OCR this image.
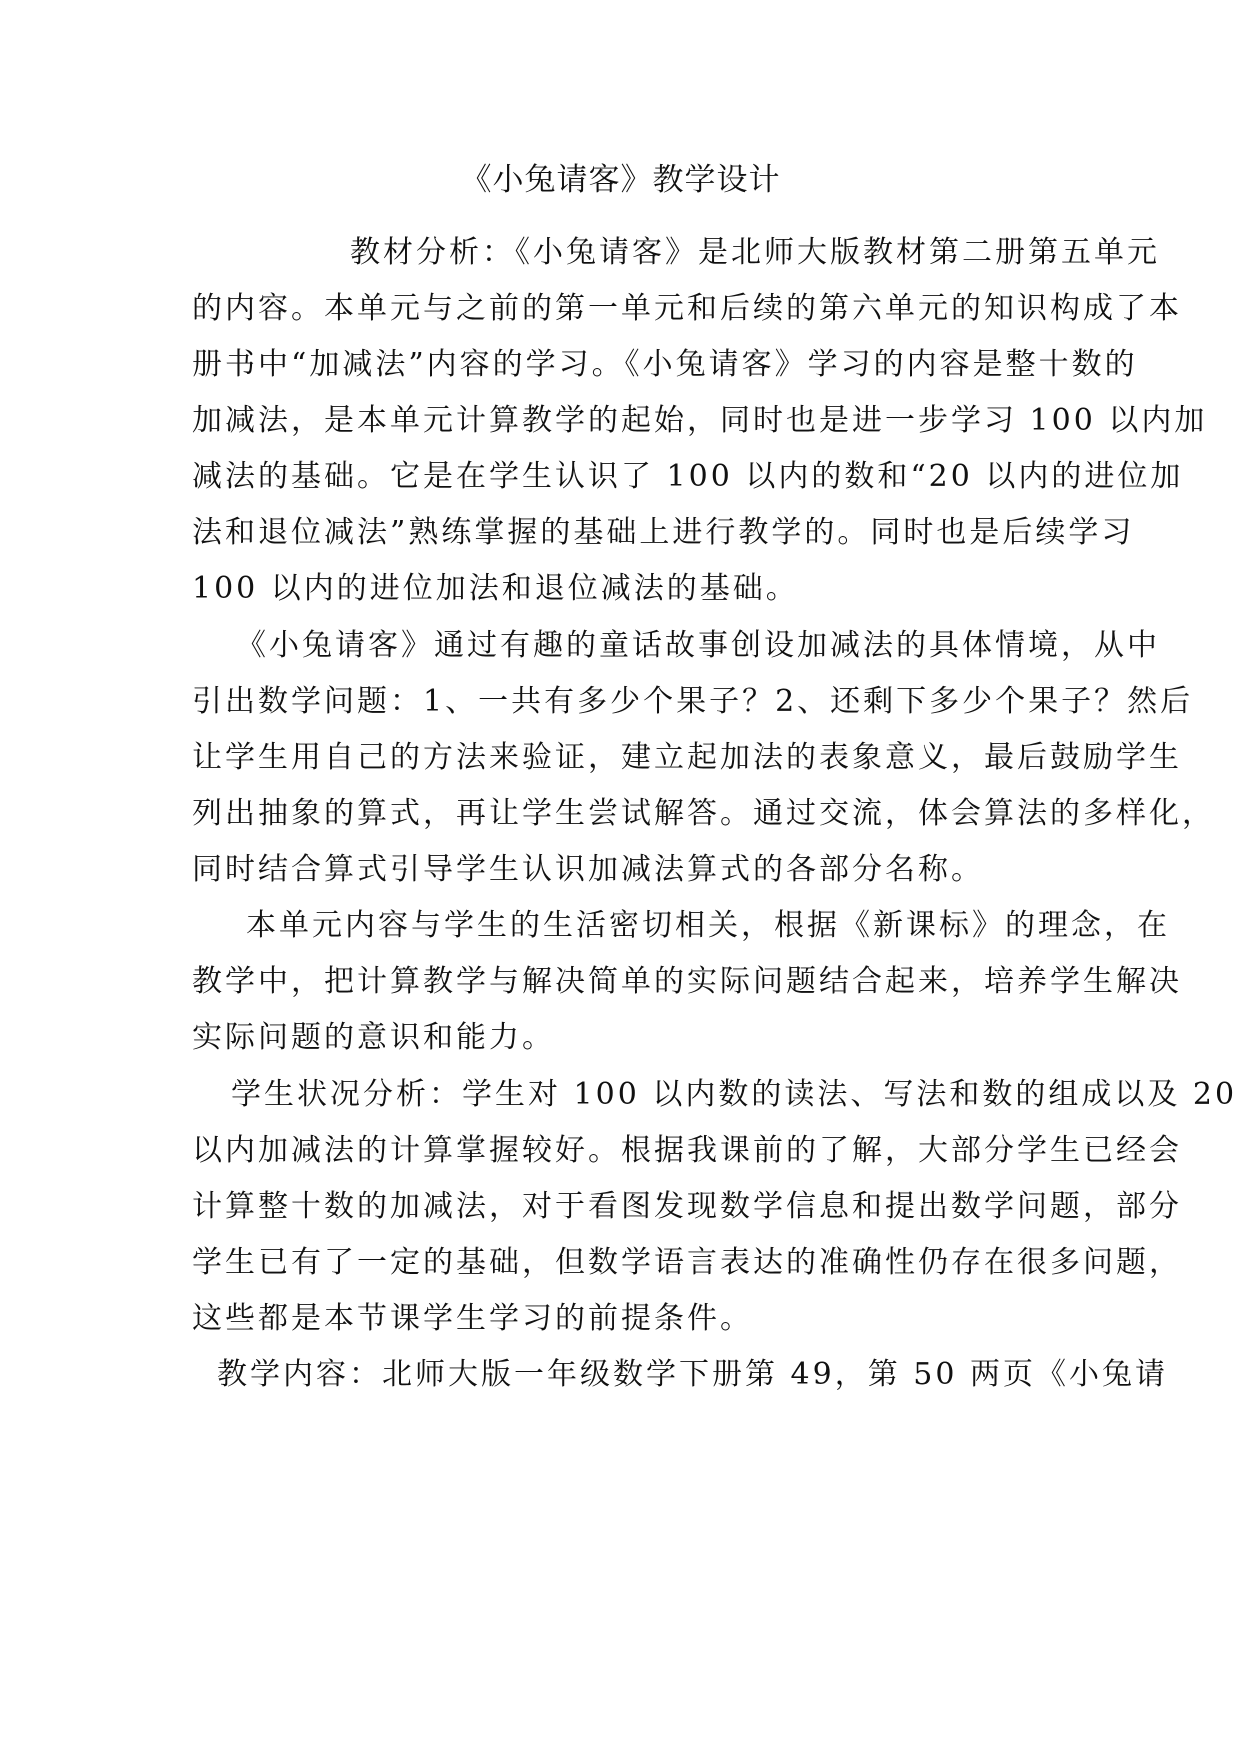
《小兔请客》教学设计
教材分析：《小兔请客》是北师大版教材第二册第五单元
的内容。本单元与之前的第一单元和后续的第六单元的知识构成了本
册书中“加减法”内容的学习。《小兔请客》学习的内容是整十数的
加减法，是本单元计算教学的起始，同时也是进一步学习 100 以内加
减法的基础。它是在学生认识了 100 以内的数和“20 以内的进位加
法和退位减法”熟练掌握的基础上进行教学的。同时也是后续学习
100 以内的进位加法和退位减法的基础。
《小兔请客》通过有趣的童话故事创设加减法的具体情境，从中
引出数学问题：1、一共有多少个果子？2、还剩下多少个果子？然后
让学生用自己的方法来验证，建立起加法的表象意义，最后鼓励学生
列出抽象的算式，再让学生尝试解答。通过交流，体会算法的多样化，
同时结合算式引导学生认识加减法算式的各部分名称。
本单元内容与学生的生活密切相关，根据《新课标》的理念，在
教学中，把计算教学与解决简单的实际问题结合起来，培养学生解决
实际问题的意识和能力。
学生状况分析：学生对 100 以内数的读法、写法和数的组成以及 20
以内加减法的计算掌握较好。根据我课前的了解，大部分学生已经会
计算整十数的加减法，对于看图发现数学信息和提出数学问题，部分
学生已有了一定的基础，但数学语言表达的准确性仍存在很多问题，
这些都是本节课学生学习的前提条件。
教学内容：北师大版一年级数学下册第 49，第 50 两页《小兔请
